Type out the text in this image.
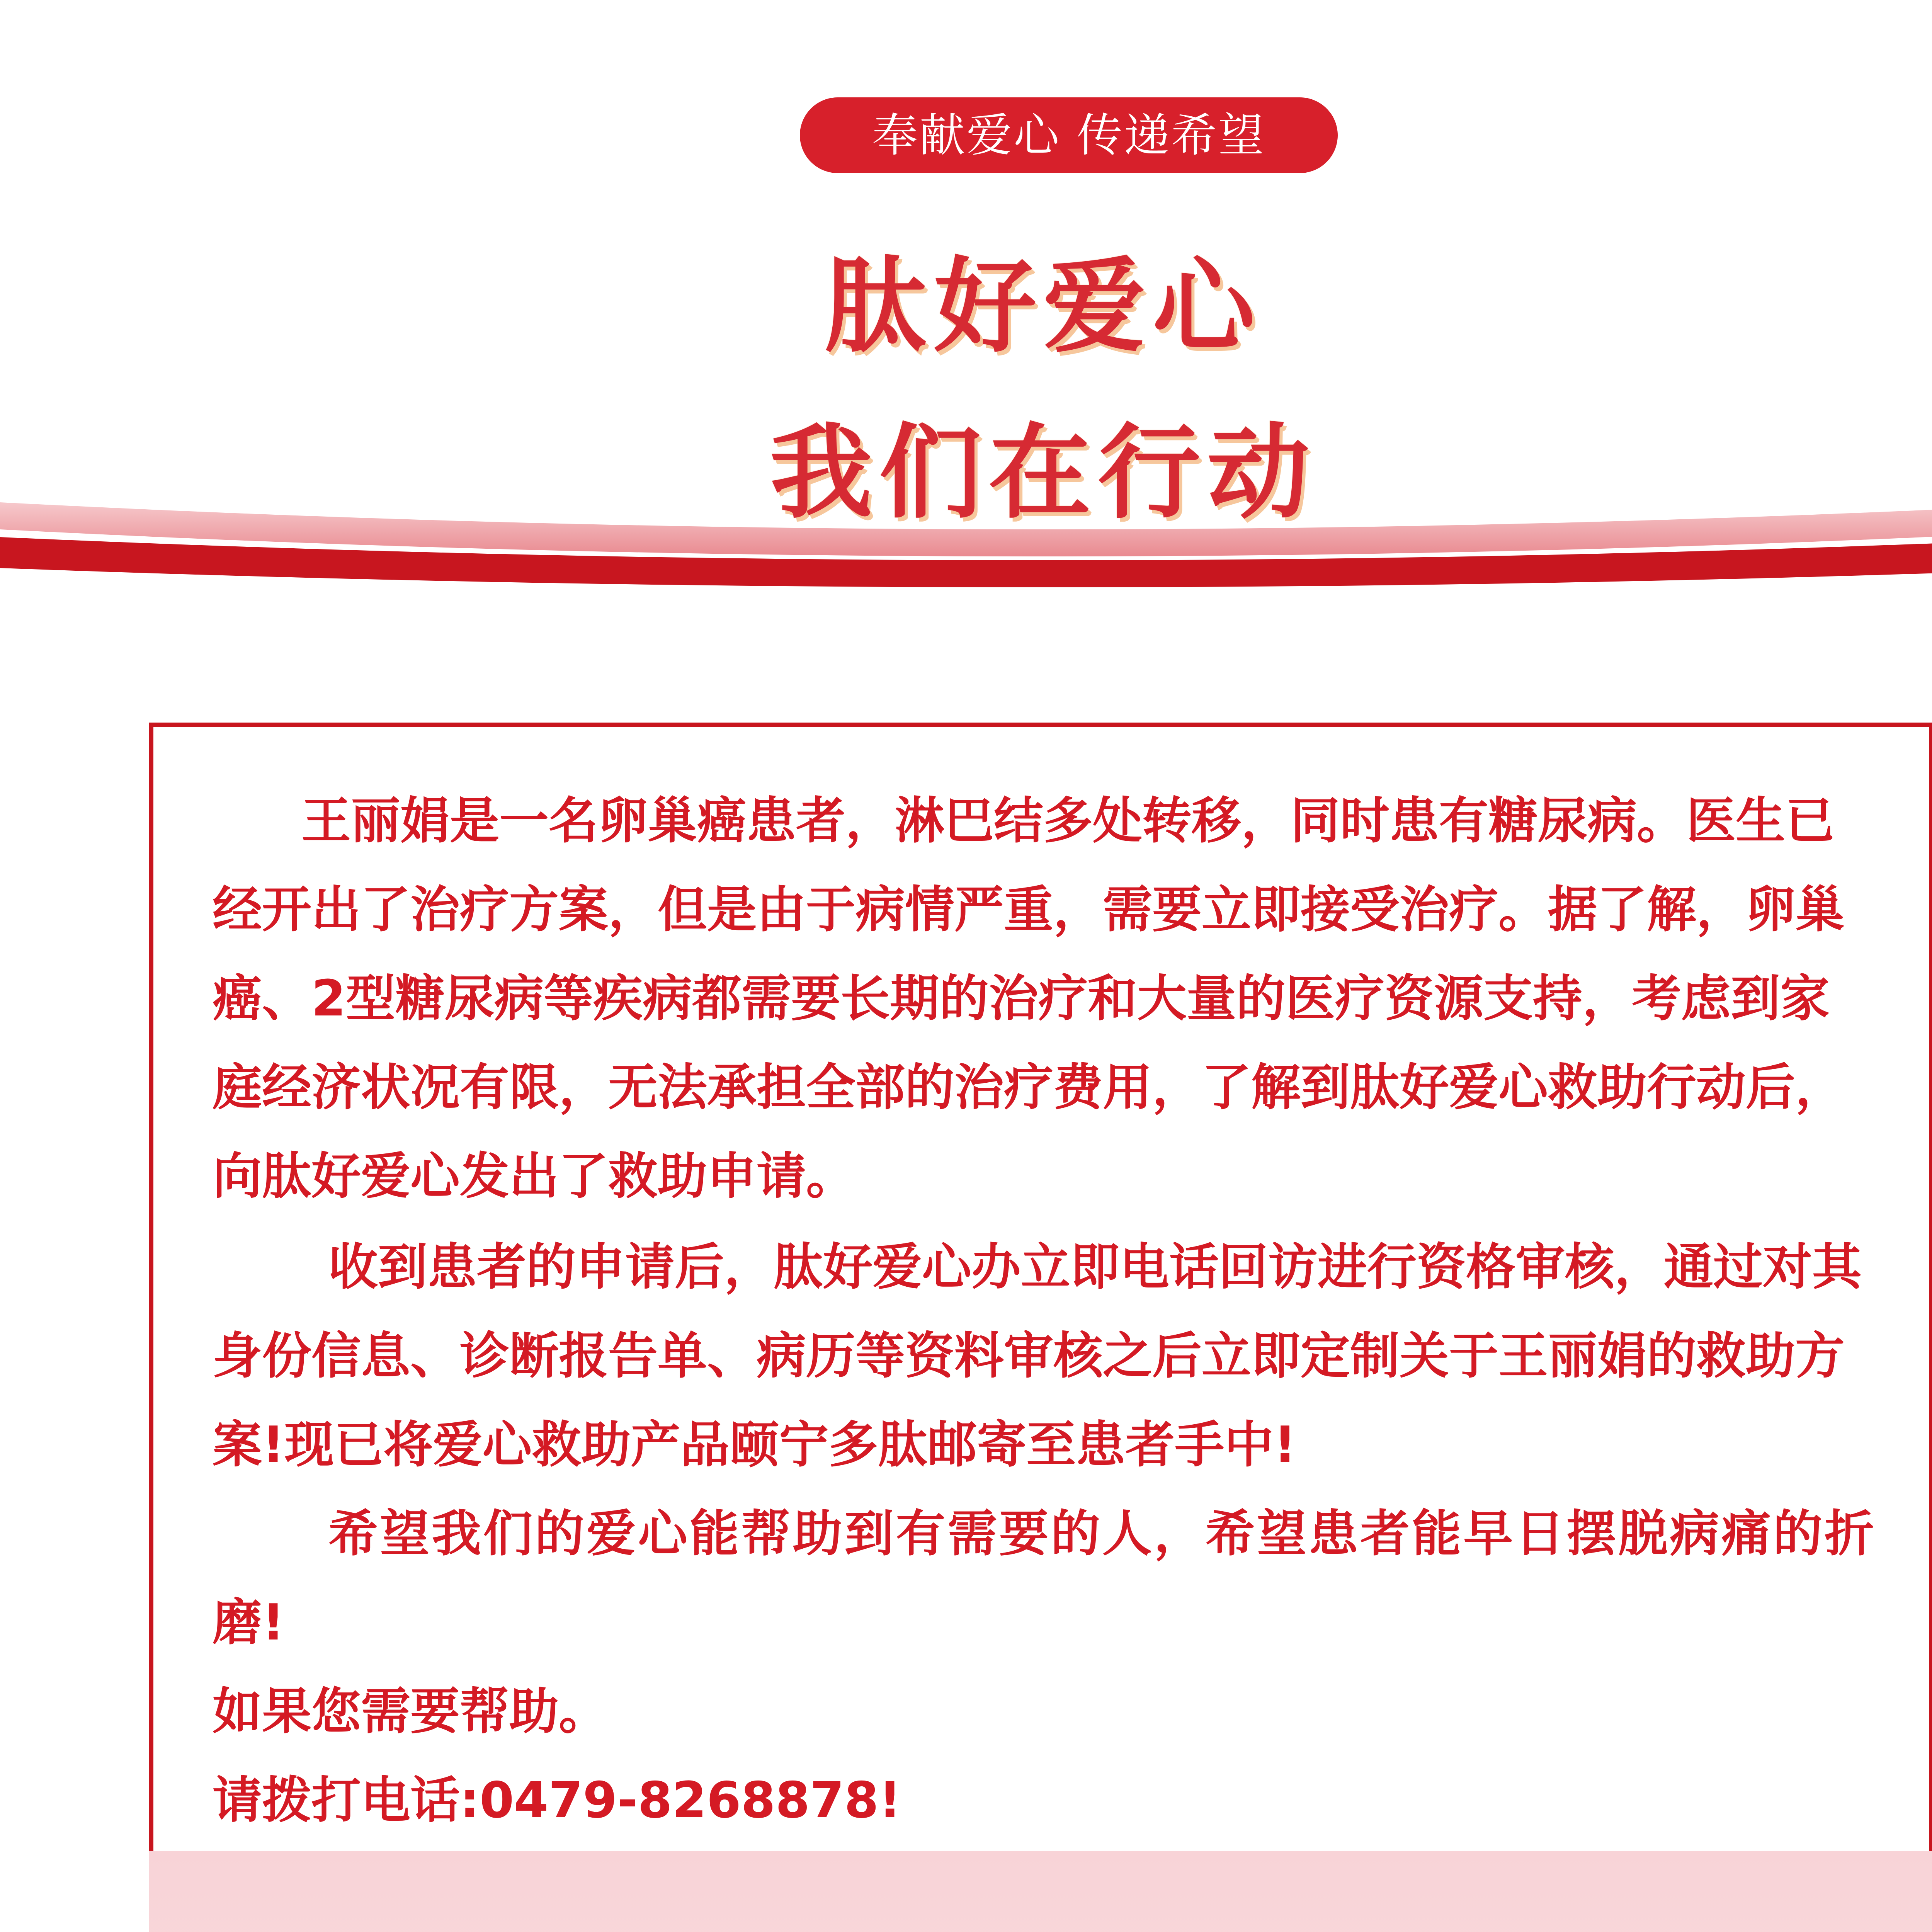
奉献爱心 传递希望
肽好爱心
我们在行动

王丽娟是一名卵巢癌患者，淋巴结多处转移，同时患有糖尿病。医生已
经开出了治疗方案，但是由于病情严重，需要立即接受治疗。据了解，卵巢
癌、2型糖尿病等疾病都需要长期的治疗和大量的医疗资源支持，考虑到家
庭经济状况有限，无法承担全部的治疗费用，了解到肽好爱心救助行动后，
向肽好爱心发出了救助申请。

收到患者的申请后，肽好爱心办立即电话回访进行资格审核，通过对其
身份信息、诊断报告单、病历等资料审核之后立即定制关于王丽娟的救助方
案!现已将爱心救助产品颐宁多肽邮寄至患者手中!

希望我们的爱心能帮助到有需要的人，希望患者能早日摆脱病痛的折磨!
如果您需要帮助。
请拨打电话:0479-8268878!
